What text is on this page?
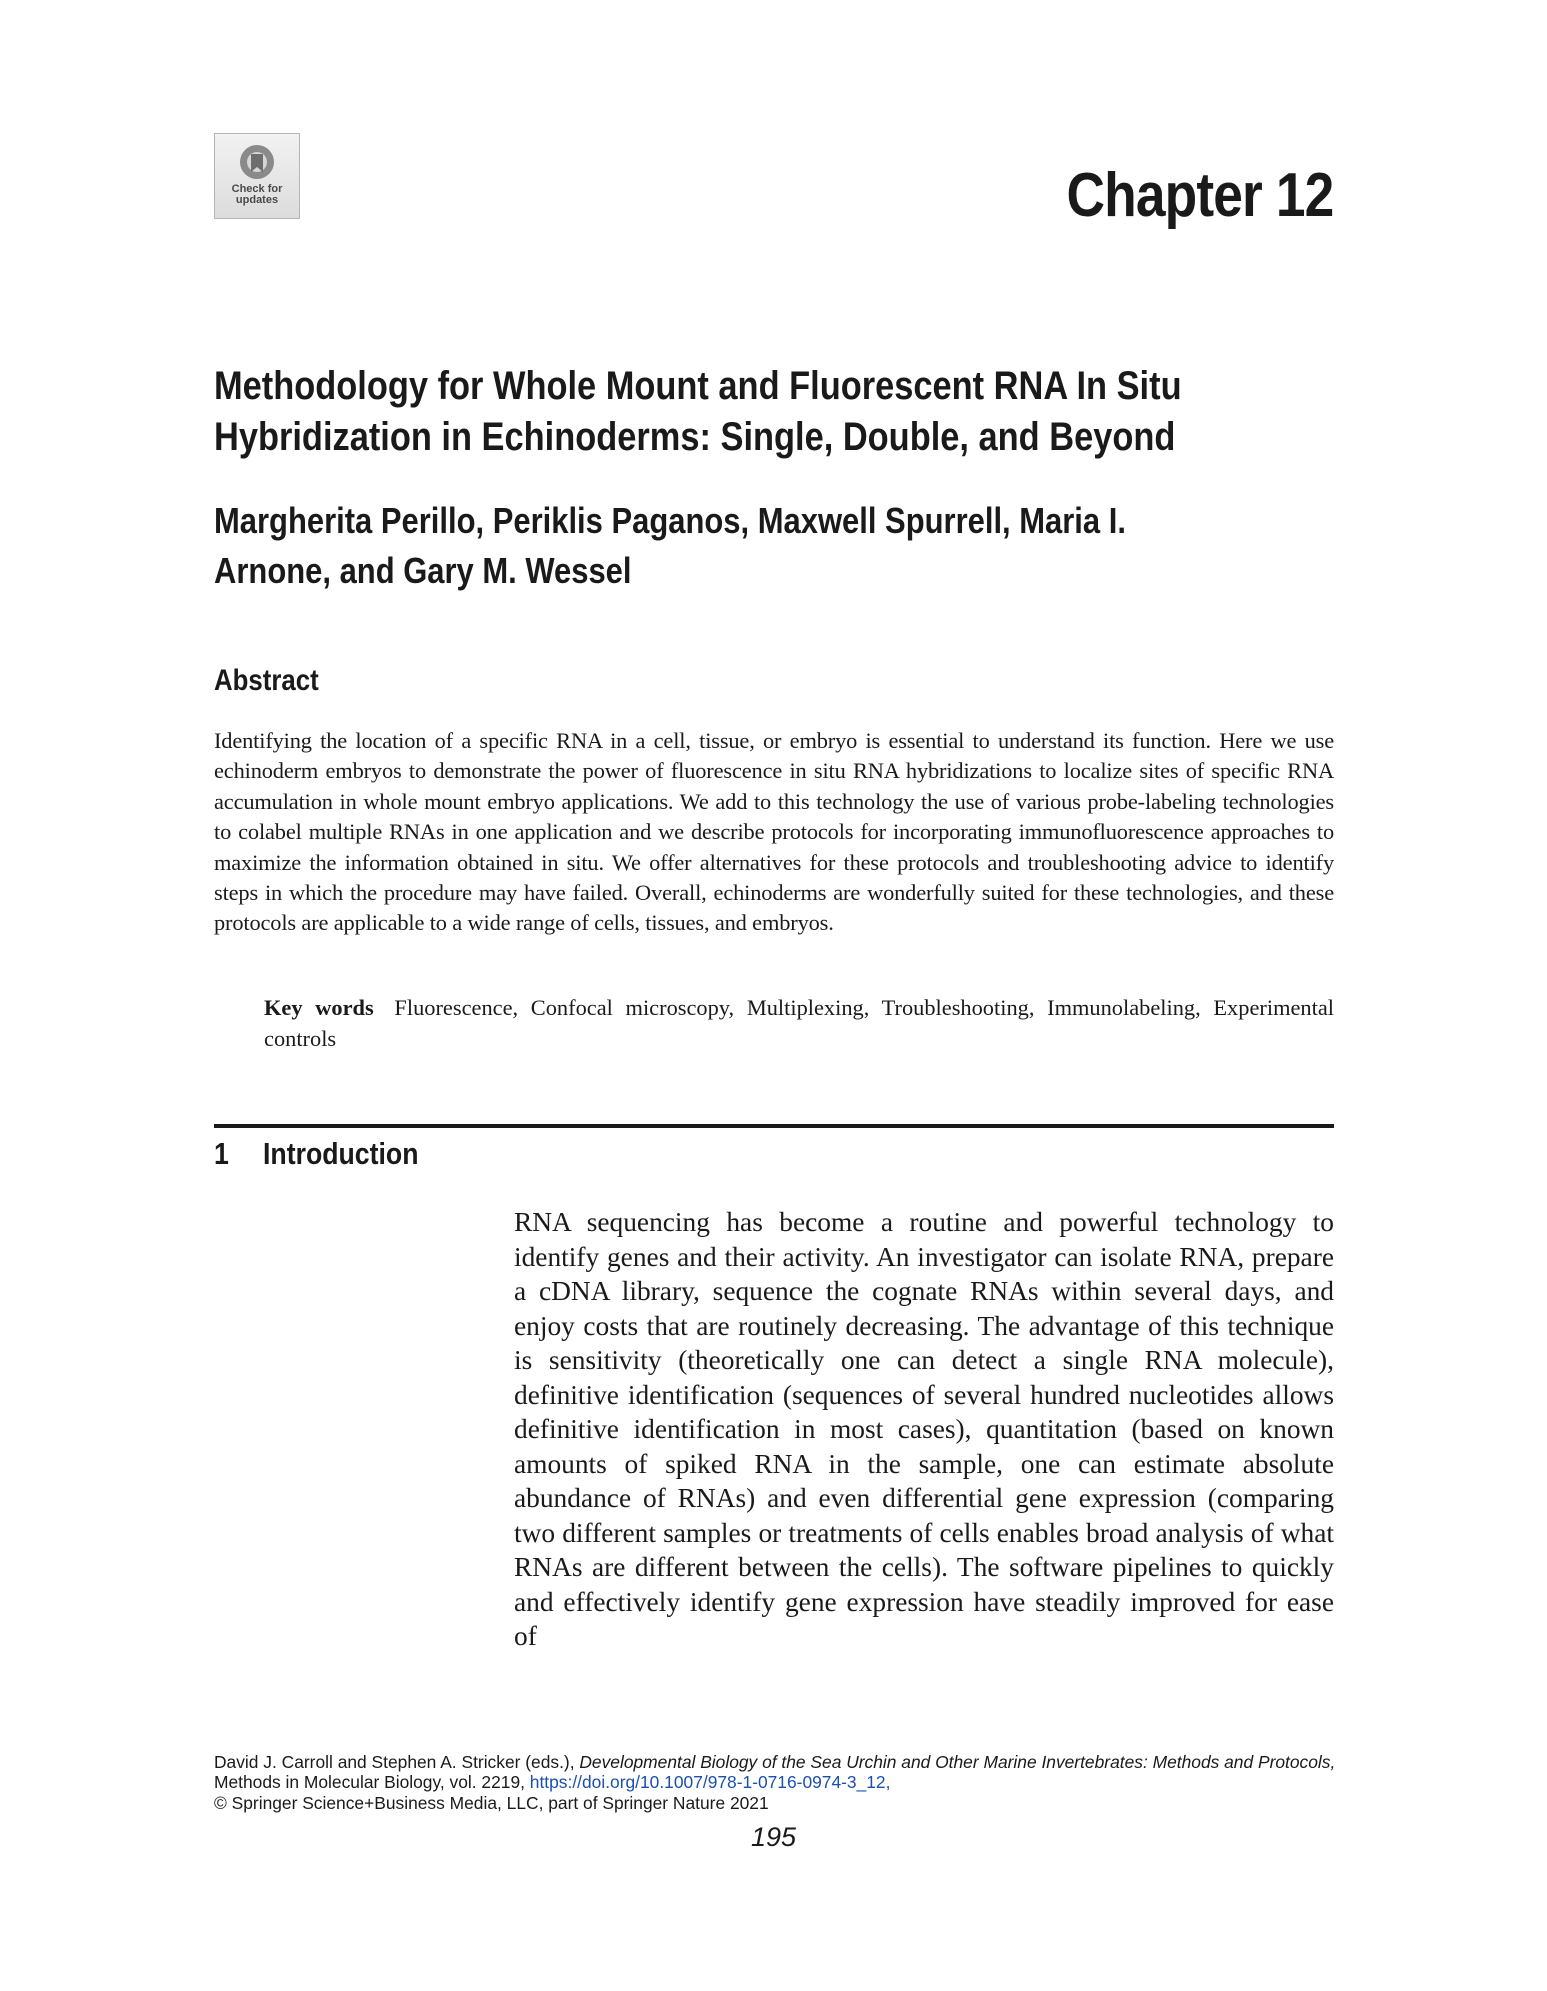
Check for updates	Chapter 12
Methodology for Whole Mount and Fluorescent RNA In Situ Hybridization in Echinoderms: Single, Double, and Beyond
Margherita Perillo, Periklis Paganos, Maxwell Spurrell, Maria I. Arnone, and Gary M. Wessel
Abstract
Identifying the location of a specific RNA in a cell, tissue, or embryo is essential to understand its function. Here we use echinoderm embryos to demonstrate the power of fluorescence in situ RNA hybridizations to localize sites of specific RNA accumulation in whole mount embryo applications. We add to this technology the use of various probe-labeling technologies to colabel multiple RNAs in one application and we describe protocols for incorporating immunofluorescence approaches to maximize the information obtained in situ. We offer alternatives for these protocols and troubleshooting advice to identify steps in which the procedure may have failed. Overall, echinoderms are wonderfully suited for these technologies, and these protocols are applicable to a wide range of cells, tissues, and embryos.
Key words Fluorescence, Confocal microscopy, Multiplexing, Troubleshooting, Immunolabeling, Experimental controls
1 Introduction
RNA sequencing has become a routine and powerful technology to identify genes and their activity. An investigator can isolate RNA, prepare a cDNA library, sequence the cognate RNAs within several days, and enjoy costs that are routinely decreasing. The advantage of this technique is sensitivity (theoretically one can detect a single RNA molecule), definitive identification (sequences of several hundred nucleotides allows definitive identification in most cases), quantitation (based on known amounts of spiked RNA in the sample, one can estimate absolute abundance of RNAs) and even differential gene expression (comparing two different samples or treatments of cells enables broad analysis of what RNAs are different between the cells). The software pipelines to quickly and effectively identify gene expression have steadily improved for ease of
David J. Carroll and Stephen A. Stricker (eds.), Developmental Biology of the Sea Urchin and Other Marine Invertebrates: Methods and Protocols, Methods in Molecular Biology, vol. 2219, https://doi.org/10.1007/978-1-0716-0974-3_12,
© Springer Science+Business Media, LLC, part of Springer Nature 2021
195
